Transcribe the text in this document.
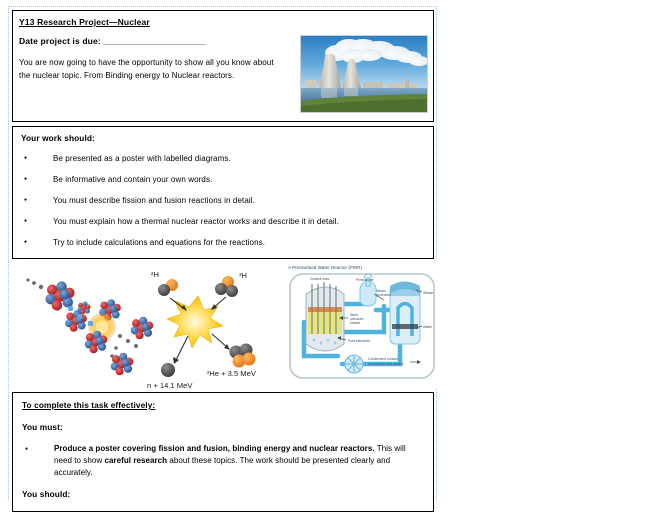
Y13 Research Project—Nuclear
Date project is due: _____________________

You are now going to have the opportunity to show all you know about the nuclear topic. From Binding energy to Nuclear reactors.

Your work should:
● Be presented as a poster with labelled diagrams.
● Be informative and contain your own words.
● You must describe fission and fusion reactions in detail.
● You must explain how a thermal nuclear reactor works and describe it in detail.
● Try to include calculations and equations for the reactions.
²H	³H
⁴He + 3.5 MeV
n + 14.1 MeV
A Pressurised Water Reactor (PWR)
Control rods	Pressuriser
Steam
generator
Steel
pressure
vessel
Fuel elements
Steam
Water
Condensed coolant
(moderator and steam)
To complete this task effectively:
You must:
● Produce a poster covering fission and fusion, binding energy and nuclear reactors. This will need to show careful research about these topics. The work should be presented clearly and accurately.
You should:
